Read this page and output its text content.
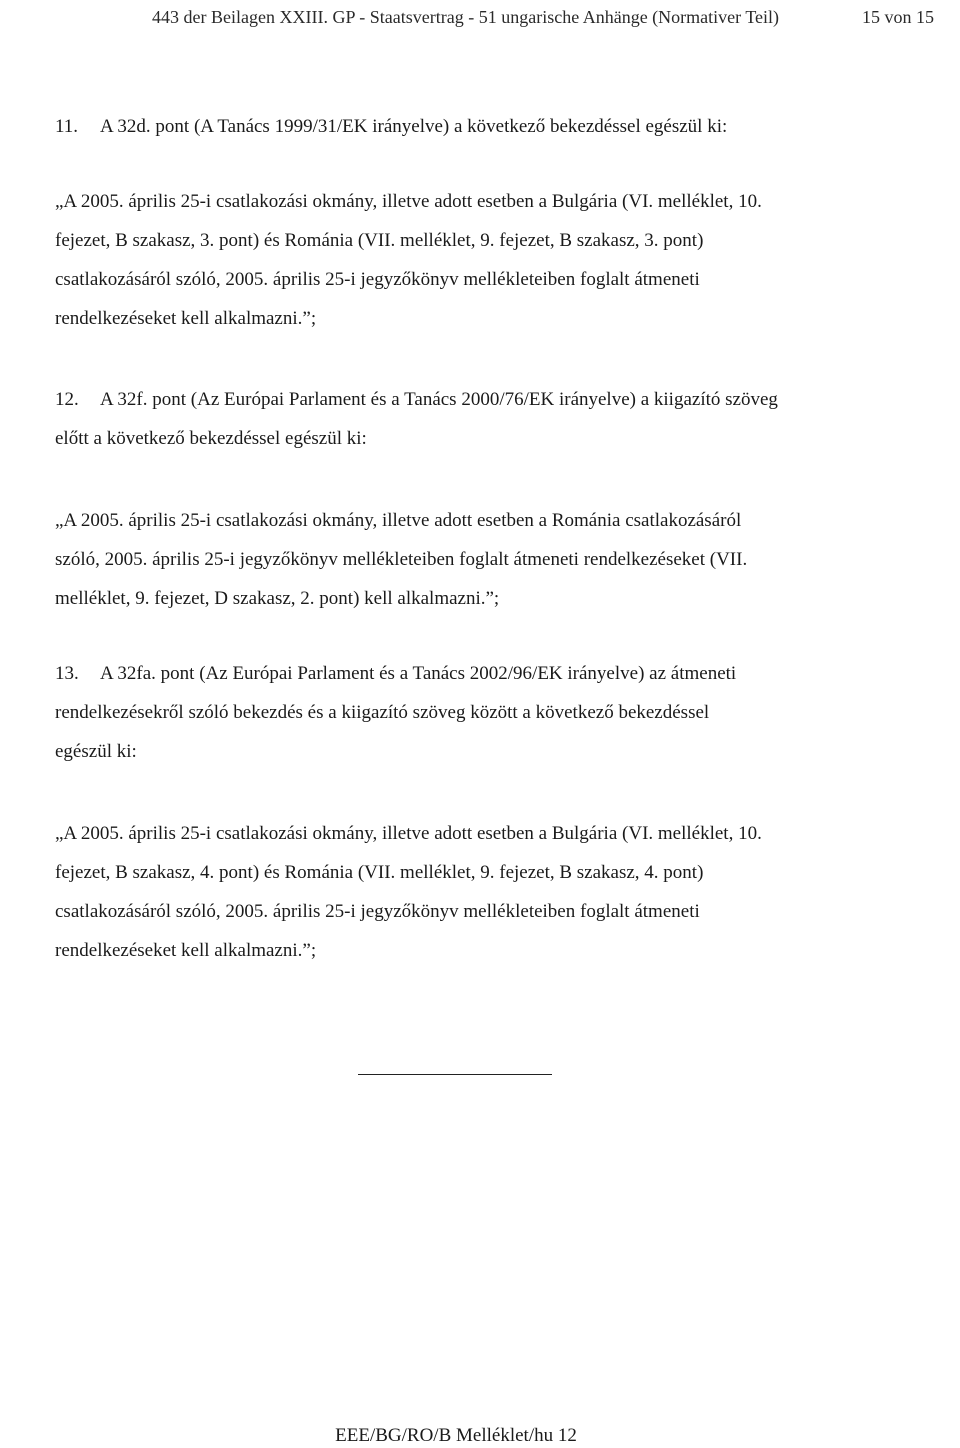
443 der Beilagen XXIII. GP - Staatsvertrag - 51 ungarische Anhänge (Normativer Teil)	15 von 15
11. A 32d. pont (A Tanács 1999/31/EK irányelve) a következő bekezdéssel egészül ki:
„A 2005. április 25-i csatlakozási okmány, illetve adott esetben a Bulgária (VI. melléklet, 10.
fejezet, B szakasz, 3. pont) és Románia (VII. melléklet, 9. fejezet, B szakasz, 3. pont)
csatlakozásáról szóló, 2005. április 25-i jegyzőkönyv mellékleteiben foglalt átmeneti
rendelkezéseket kell alkalmazni.”;
12. A 32f. pont (Az Európai Parlament és a Tanács 2000/76/EK irányelve) a kiigazító szöveg
előtt a következő bekezdéssel egészül ki:
„A 2005. április 25-i csatlakozási okmány, illetve adott esetben a Románia csatlakozásáról
szóló, 2005. április 25-i jegyzőkönyv mellékleteiben foglalt átmeneti rendelkezéseket (VII.
melléklet, 9. fejezet, D szakasz, 2. pont) kell alkalmazni.”;
13. A 32fa. pont (Az Európai Parlament és a Tanács 2002/96/EK irányelve) az átmeneti
rendelkezésekről szóló bekezdés és a kiigazító szöveg között a következő bekezdéssel
egészül ki:
„A 2005. április 25-i csatlakozási okmány, illetve adott esetben a Bulgária (VI. melléklet, 10.
fejezet, B szakasz, 4. pont) és Románia (VII. melléklet, 9. fejezet, B szakasz, 4. pont)
csatlakozásáról szóló, 2005. április 25-i jegyzőkönyv mellékleteiben foglalt átmeneti
rendelkezéseket kell alkalmazni.”;
EEE/BG/RO/B Melléklet/hu 12
